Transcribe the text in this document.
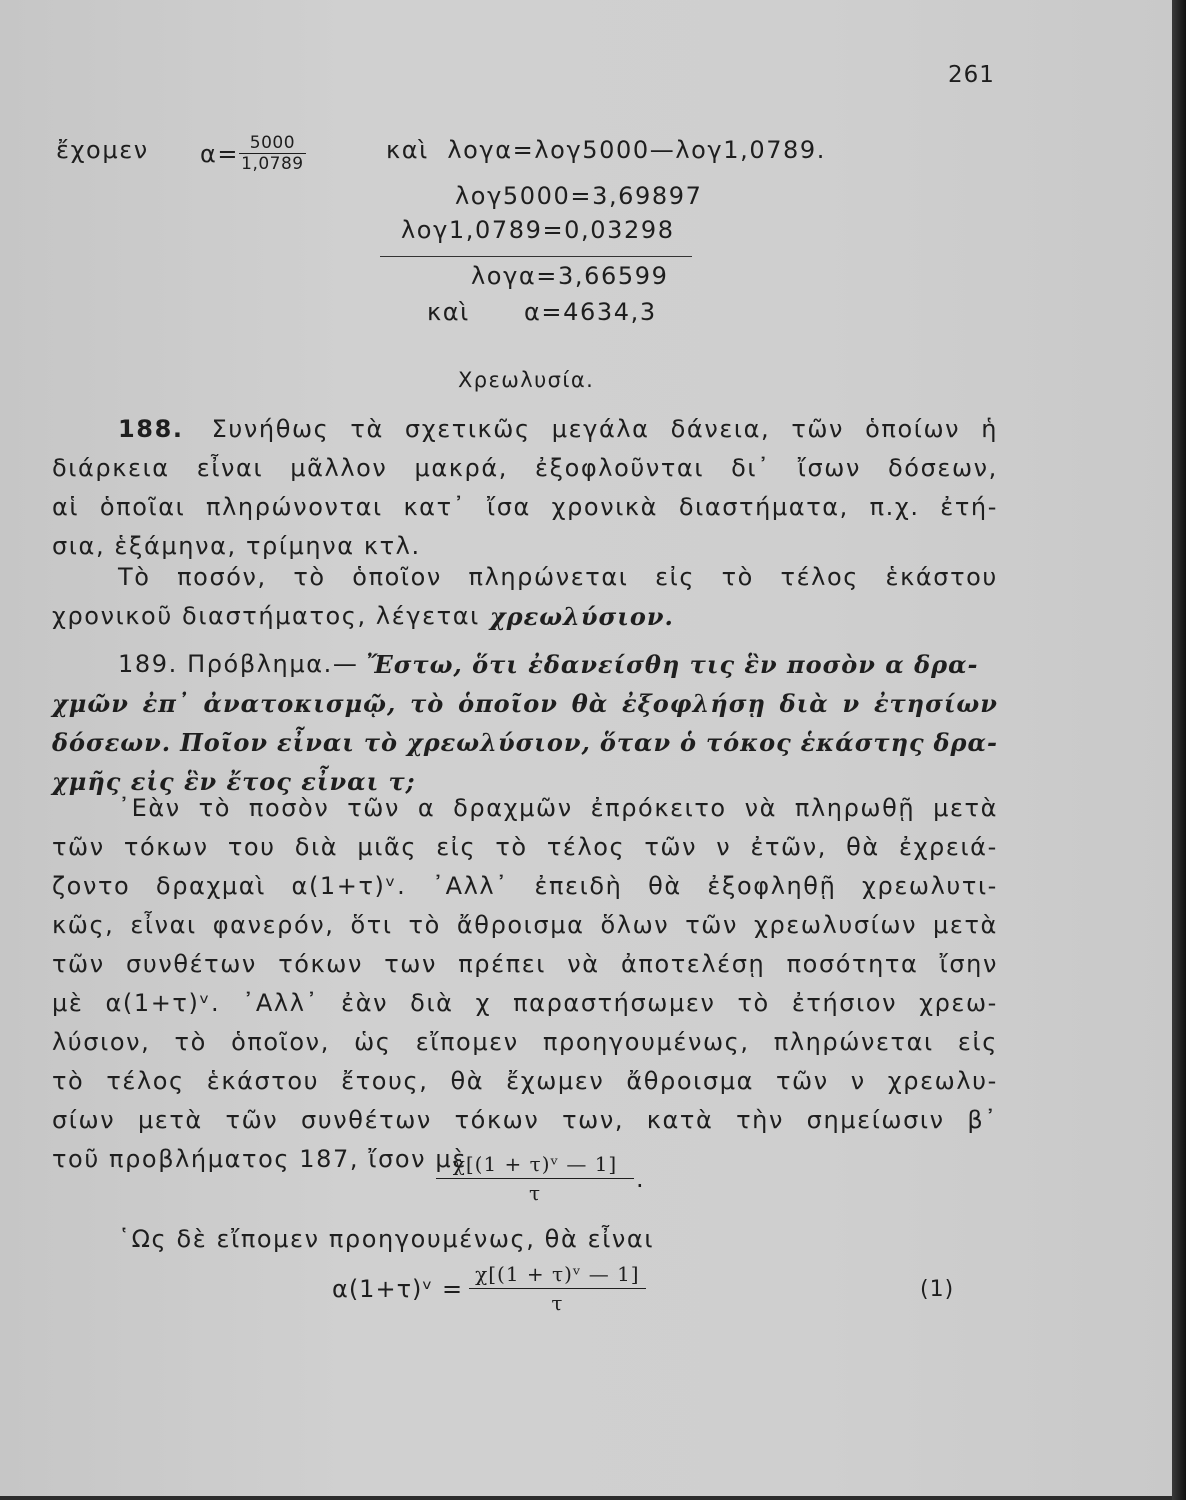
261
ἔχομεν $\alpha= \frac{5000}{1,0789}$	καὶ  λογα=λογ5000—λογ1,0789.
λογ5000=3,69897
λογ1,0789=0,03298
λογα=3,66599
καὶ α=4634,3
Χρεωλυσία.
188. Συνήθως τὰ σχετικῶς μεγάλα δάνεια, τῶν ὁποίων ἡ
διάρκεια εἶναι μᾶλλον μακρά, ἐξοφλοῦνται δι᾿ ἴσων δόσεων,
αἱ ὁποῖαι πληρώνονται κατ᾿ ἴσα χρονικὰ διαστήματα, π.χ. ἐτή-
σια, ἑξάμηνα, τρίμηνα κτλ.
Τὸ ποσόν, τὸ ὁποῖον πληρώνεται εἰς τὸ τέλος ἑκάστου
χρονικοῦ διαστήματος, λέγεται χρεωλύσιον.
189. Πρόβλημα.— Ἔστω, ὅτι ἐδανείσθη τις ἓν ποσὸν α δρα-
χμῶν ἐπ᾿ ἀνατοκισμῷ, τὸ ὁποῖον θὰ ἐξοφλήσῃ διὰ ν ἐτησίων
δόσεων. Ποῖον εἶναι τὸ χρεωλύσιον, ὅταν ὁ τόκος ἑκάστης δρα-
χμῆς εἰς ἓν ἔτος εἶναι τ;
᾿Εὰν τὸ ποσὸν τῶν α δραχμῶν ἐπρόκειτο νὰ πληρωθῇ μετὰ
τῶν τόκων του διὰ μιᾶς εἰς τὸ τέλος τῶν ν ἐτῶν, θὰ ἐχρειά-
ζοντο δραχμαὶ α(1+τ)ᵛ. ᾿Αλλ᾿ ἐπειδὴ θὰ ἐξοφληθῇ χρεωλυτι-
κῶς, εἶναι φανερόν, ὅτι τὸ ἄθροισμα ὅλων τῶν χρεωλυσίων μετὰ
τῶν συνθέτων τόκων των πρέπει νὰ ἀποτελέσῃ ποσότητα ἴσην
μὲ α(1+τ)ᵛ. ᾿Αλλ᾿ ἐὰν διὰ χ παραστήσωμεν τὸ ἐτήσιον χρεω-
λύσιον, τὸ ὁποῖον, ὡς εἴπομεν προηγουμένως, πληρώνεται εἰς
τὸ τέλος ἑκάστου ἔτους, θὰ ἔχωμεν ἄθροισμα τῶν ν χρεωλυ-
σίων μετὰ τῶν συνθέτων τόκων των, κατὰ τὴν σημείωσιν β᾿
τοῦ προβλήματος 187, ἴσον μὲ
$\frac{\text{χ[(1 + τ)ᵛ — 1]}}{\tau}$ .
῾Ως δὲ εἴπομεν προηγουμένως, θὰ εἶναι
α(1+τ)ᵛ = $\frac{\text{χ[(1 + τ)ᵛ — 1]}}{\tau}$	(1)
